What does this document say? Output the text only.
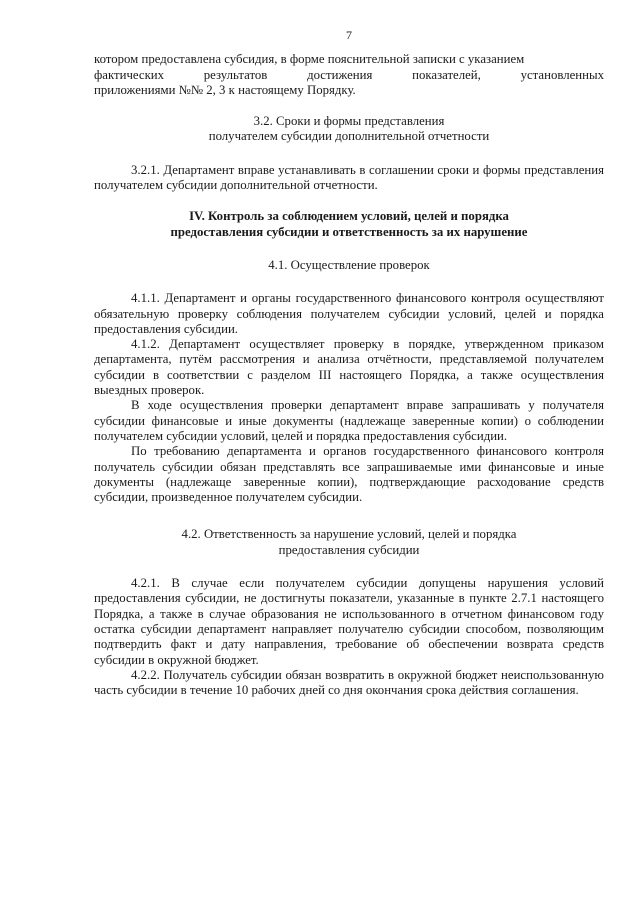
7

котором предоставлена субсидия, в форме пояснительной записки с указанием

фактических результатов достижения показателей, установленных

приложениями №№ 2, 3 к настоящему Порядку.

3.2. Сроки и формы представления

получателем субсидии дополнительной отчетности

3.2.1. Департамент вправе устанавливать в соглашении сроки и формы представления получателем субсидии дополнительной отчетности.

IV. Контроль за соблюдением условий, целей и порядка

предоставления субсидии и ответственность за их нарушение

4.1. Осуществление проверок

4.1.1. Департамент и органы государственного финансового контроля осуществляют обязательную проверку соблюдения получателем субсидии условий, целей и порядка предоставления субсидии.

4.1.2. Департамент осуществляет проверку в порядке, утвержденном приказом департамента, путём рассмотрения и анализа отчётности, представляемой получателем субсидии в соответствии с разделом III настоящего Порядка, а также осуществления выездных проверок.

В ходе осуществления проверки департамент вправе запрашивать у получателя субсидии финансовые и иные документы (надлежаще заверенные копии) о соблюдении получателем субсидии условий, целей и порядка предоставления субсидии.

По требованию департамента и органов государственного финансового контроля получатель субсидии обязан представлять все запрашиваемые ими финансовые и иные документы (надлежаще заверенные копии), подтверждающие расходование средств субсидии, произведенное получателем субсидии.

4.2. Ответственность за нарушение условий, целей и порядка

предоставления субсидии

4.2.1. В случае если получателем субсидии допущены нарушения условий предоставления субсидии, не достигнуты показатели, указанные в пункте 2.7.1 настоящего Порядка, а также в случае образования не использованного в отчетном финансовом году остатка субсидии департамент направляет получателю субсидии способом, позволяющим подтвердить факт и дату направления, требование об обеспечении возврата средств субсидии в окружной бюджет.

4.2.2. Получатель субсидии обязан возвратить в окружной бюджет неиспользованную часть субсидии в течение 10 рабочих дней со дня окончания срока действия соглашения.
